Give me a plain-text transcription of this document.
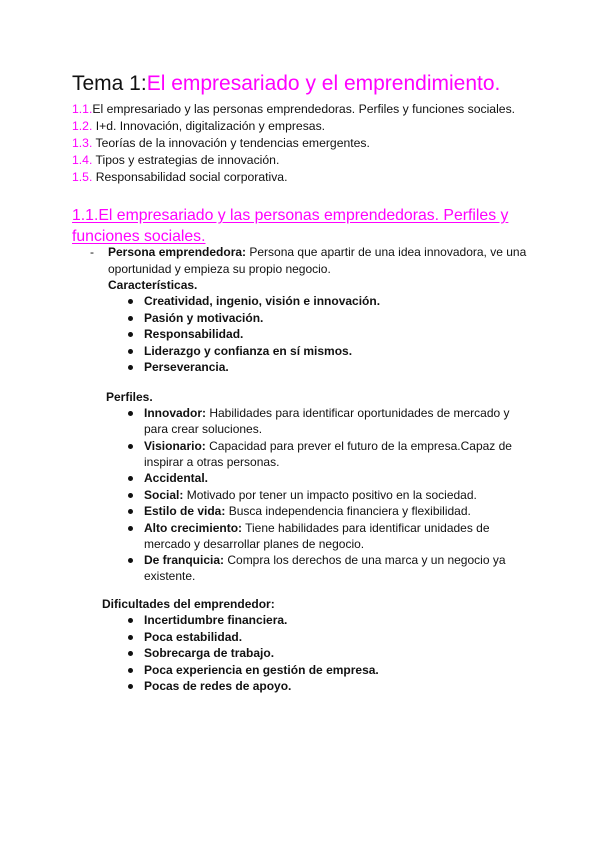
Tema 1:El empresariado y el emprendimiento.
1.1.El empresariado y las personas emprendedoras. Perfiles y funciones sociales.
1.2. I+d. Innovación, digitalización y empresas.
1.3. Teorías de la innovación y tendencias emergentes.
1.4. Tipos y estrategias de innovación.
1.5. Responsabilidad social corporativa.
1.1.El empresariado y las personas emprendedoras. Perfiles y funciones sociales.
- Persona emprendedora: Persona que apartir de una idea innovadora, ve una oportunidad y empieza su propio negocio.
Características.
Creatividad, ingenio, visión e innovación.
Pasión y motivación.
Responsabilidad.
Liderazgo y confianza en sí mismos.
Perseverancia.
Perfiles.
Innovador: Habilidades para identificar oportunidades de mercado y para crear soluciones.
Visionario: Capacidad para prever el futuro de la empresa.Capaz de inspirar a otras personas.
Accidental.
Social: Motivado por tener un impacto positivo en la sociedad.
Estilo de vida: Busca independencia financiera y flexibilidad.
Alto crecimiento: Tiene habilidades para identificar unidades de mercado y desarrollar planes de negocio.
De franquicia: Compra los derechos de una marca y un negocio ya existente.
Dificultades del emprendedor:
Incertidumbre financiera.
Poca estabilidad.
Sobrecarga de trabajo.
Poca experiencia en gestión de empresa.
Pocas de redes de apoyo.
